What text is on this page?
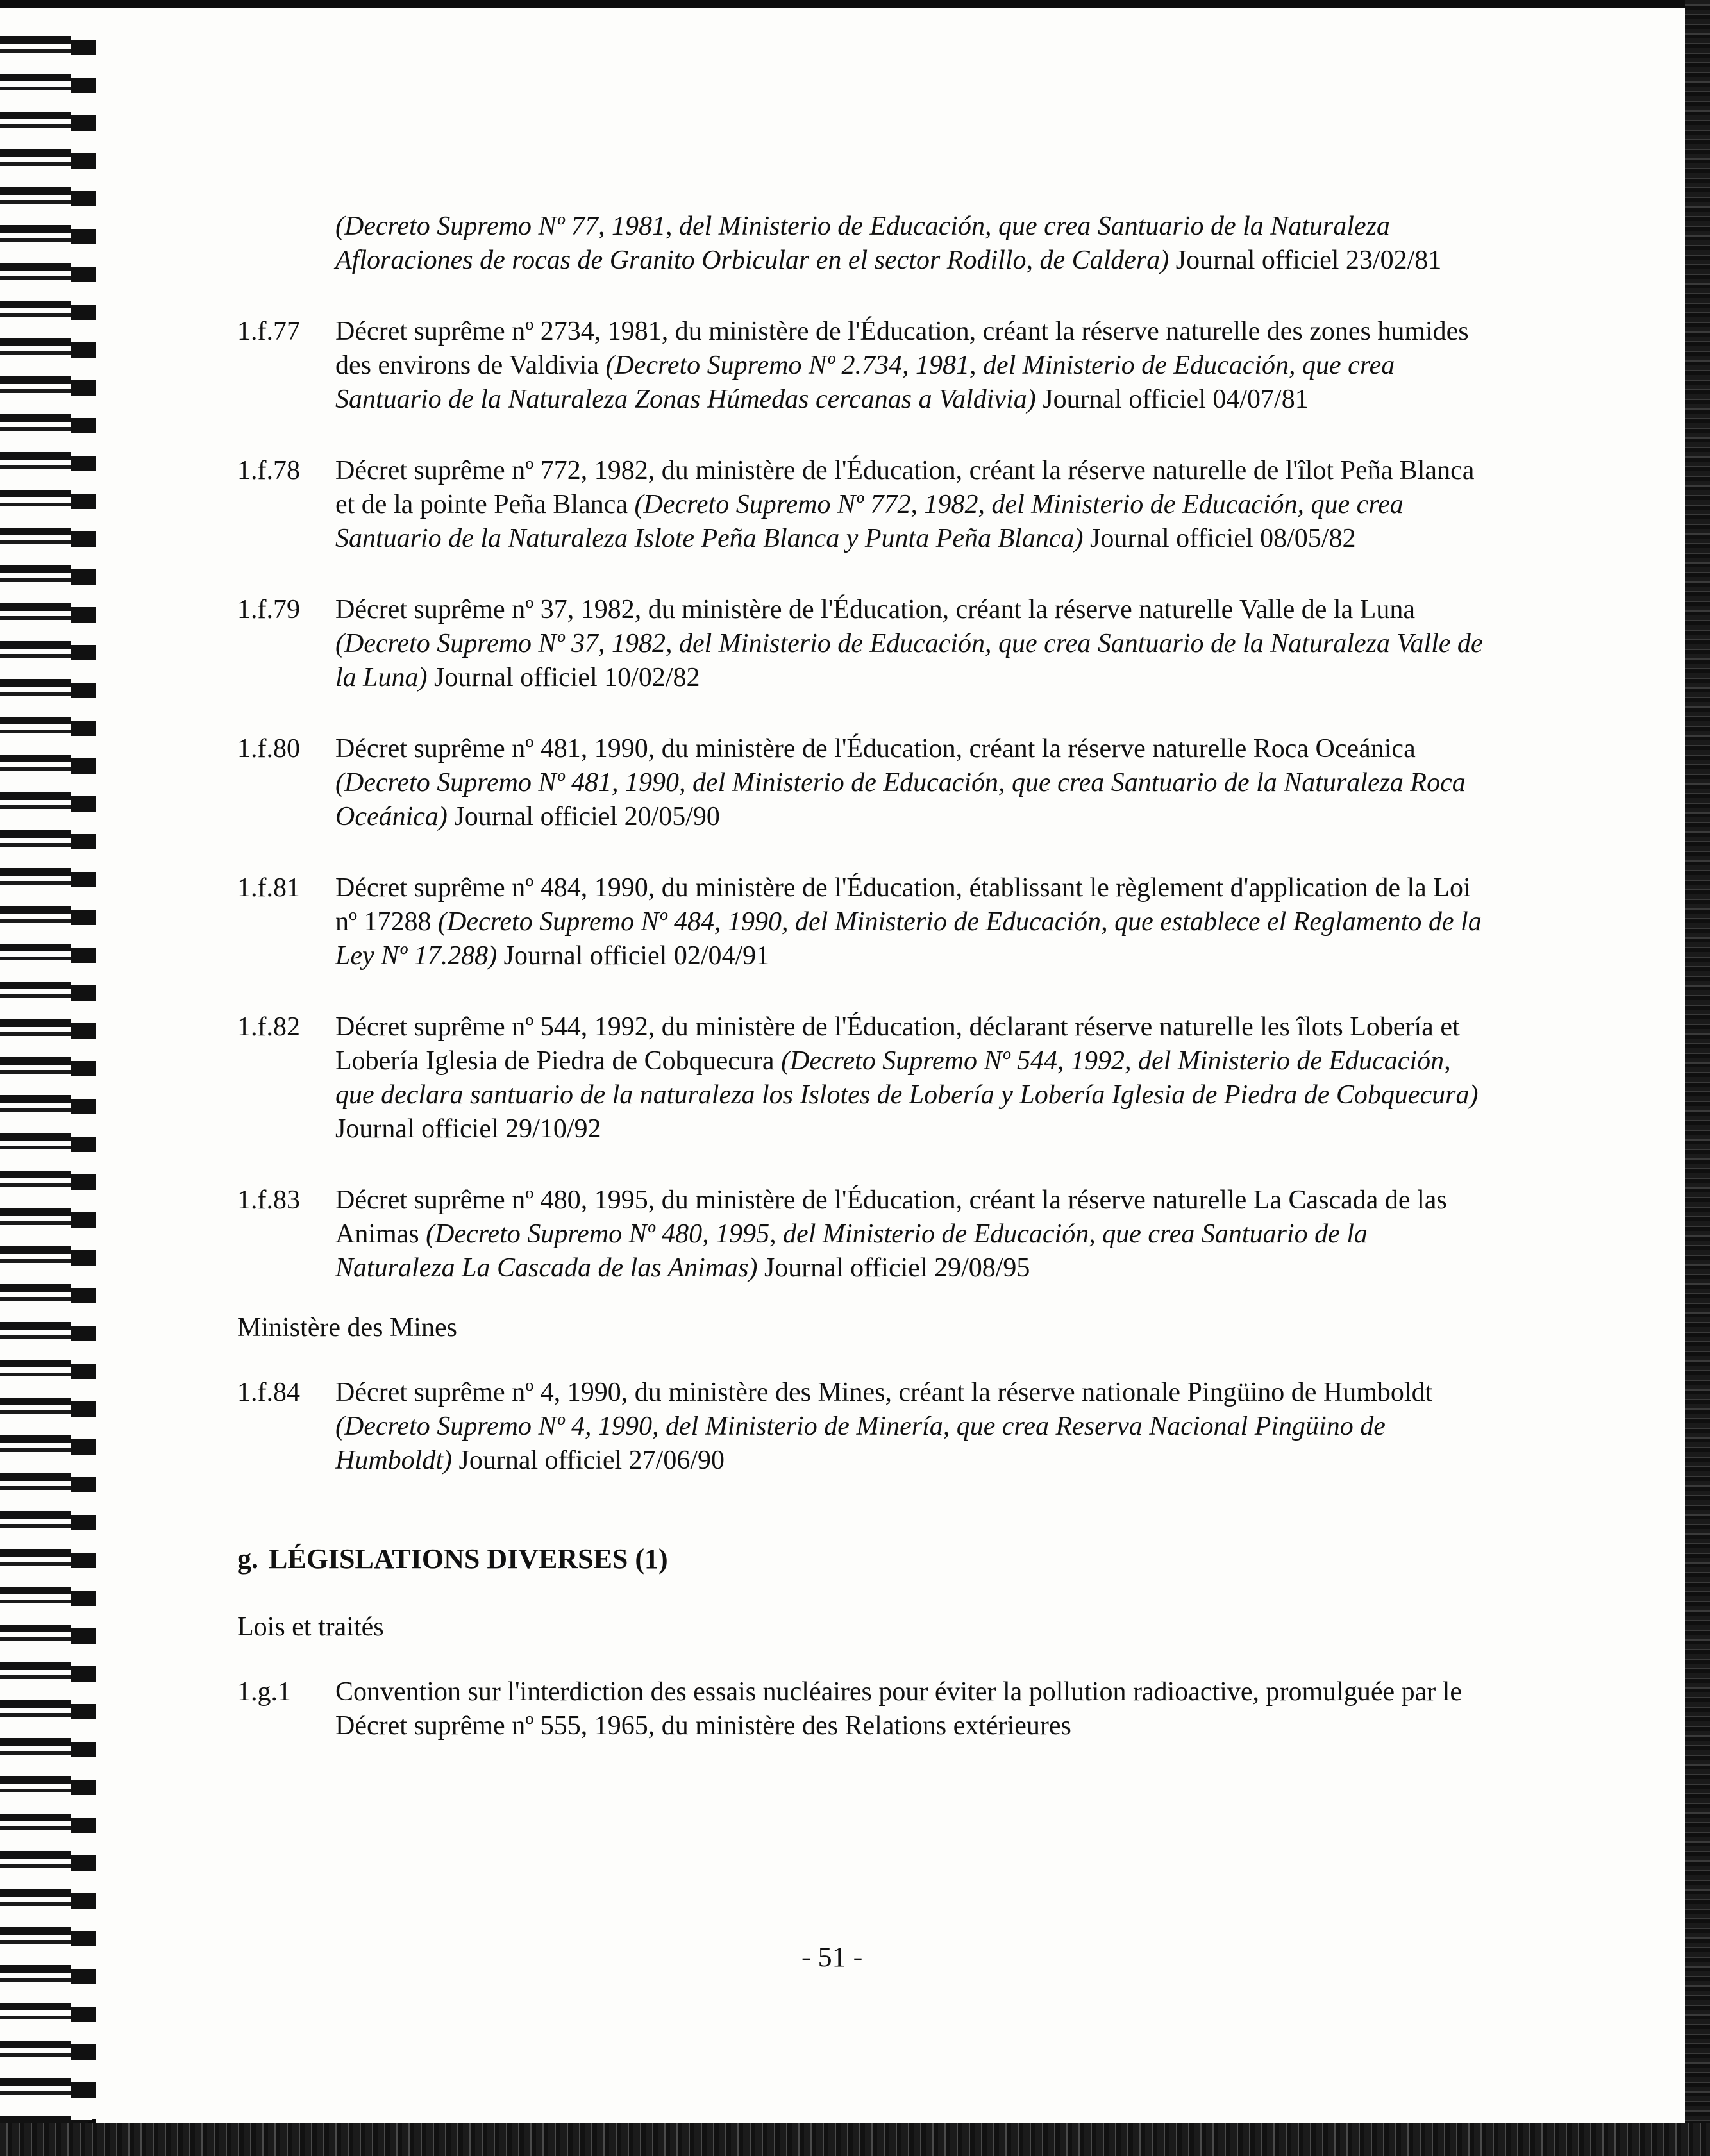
(Decreto Supremo Nº 77, 1981, del Ministerio de Educación, que crea Santuario de la Naturaleza Afloraciones de rocas de Granito Orbicular en el sector Rodillo, de Caldera) Journal officiel 23/02/81
1.f.77 Décret suprême nº 2734, 1981, du ministère de l'Éducation, créant la réserve naturelle des zones humides des environs de Valdivia (Decreto Supremo Nº 2.734, 1981, del Ministerio de Educación, que crea Santuario de la Naturaleza Zonas Húmedas cercanas a Valdivia) Journal officiel 04/07/81
1.f.78 Décret suprême nº 772, 1982, du ministère de l'Éducation, créant la réserve naturelle de l'îlot Peña Blanca et de la pointe Peña Blanca (Decreto Supremo Nº 772, 1982, del Ministerio de Educación, que crea Santuario de la Naturaleza Islote Peña Blanca y Punta Peña Blanca) Journal officiel 08/05/82
1.f.79 Décret suprême nº 37, 1982, du ministère de l'Éducation, créant la réserve naturelle Valle de la Luna (Decreto Supremo Nº 37, 1982, del Ministerio de Educación, que crea Santuario de la Naturaleza Valle de la Luna) Journal officiel 10/02/82
1.f.80 Décret suprême nº 481, 1990, du ministère de l'Éducation, créant la réserve naturelle Roca Oceánica (Decreto Supremo Nº 481, 1990, del Ministerio de Educación, que crea Santuario de la Naturaleza Roca Oceánica) Journal officiel 20/05/90
1.f.81 Décret suprême nº 484, 1990, du ministère de l'Éducation, établissant le règlement d'application de la Loi nº 17288 (Decreto Supremo Nº 484, 1990, del Ministerio de Educación, que establece el Reglamento de la Ley Nº 17.288) Journal officiel 02/04/91
1.f.82 Décret suprême nº 544, 1992, du ministère de l'Éducation, déclarant réserve naturelle les îlots Lobería et Lobería Iglesia de Piedra de Cobquecura (Decreto Supremo Nº 544, 1992, del Ministerio de Educación, que declara santuario de la naturaleza los Islotes de Lobería y Lobería Iglesia de Piedra de Cobquecura) Journal officiel 29/10/92
1.f.83 Décret suprême nº 480, 1995, du ministère de l'Éducation, créant la réserve naturelle La Cascada de las Animas (Decreto Supremo Nº 480, 1995, del Ministerio de Educación, que crea Santuario de la Naturaleza La Cascada de las Animas) Journal officiel 29/08/95
Ministère des Mines
1.f.84 Décret suprême nº 4, 1990, du ministère des Mines, créant la réserve nationale Pingüino de Humboldt (Decreto Supremo Nº 4, 1990, del Ministerio de Minería, que crea Reserva Nacional Pingüino de Humboldt) Journal officiel 27/06/90
g. LÉGISLATIONS DIVERSES (1)
Lois et traités
1.g.1 Convention sur l'interdiction des essais nucléaires pour éviter la pollution radioactive, promulguée par le Décret suprême nº 555, 1965, du ministère des Relations extérieures
- 51 -
